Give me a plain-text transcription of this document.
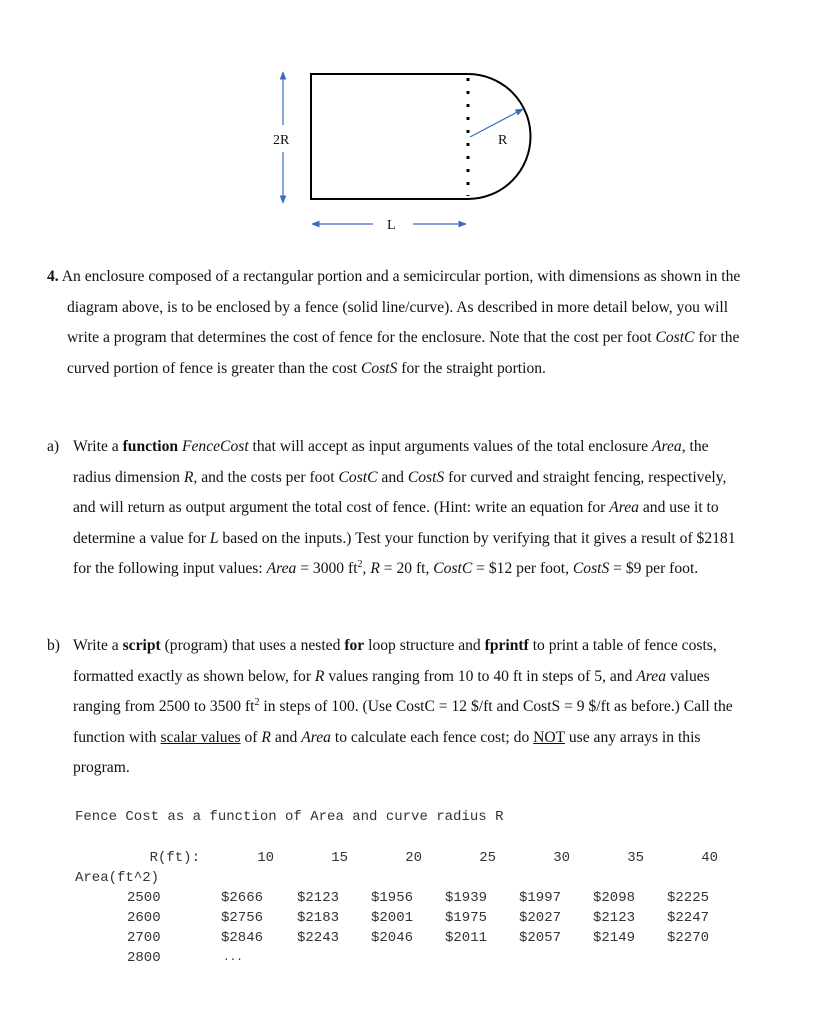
R
2R
L

4. An enclosure composed of a rectangular portion and a semicircular portion, with dimensions as shown in the diagram above, is to be enclosed by a fence (solid line/curve). As described in more detail below, you will write a program that determines the cost of fence for the enclosure. Note that the cost per foot CostC for the curved portion of fence is greater than the cost CostS for the straight portion.

a) Write a function FenceCost that will accept as input arguments values of the total enclosure Area, the radius dimension R, and the costs per foot CostC and CostS for curved and straight fencing, respectively, and will return as output argument the total cost of fence. (Hint: write an equation for Area and use it to determine a value for L based on the inputs.) Test your function by verifying that it gives a result of $2181 for the following input values: Area = 3000 $ft^2$, R = 20 ft, CostC = $12 per foot, CostS = $9 per foot.

b) Write a script (program) that uses a nested for loop structure and fprintf to print a table of fence costs, formatted exactly as shown below, for R values ranging from 10 to 40 ft in steps of 5, and Area values ranging from 2500 to 3500 $ft^2$ in steps of 100. (Use CostC = 12 $/ft and CostS = 9 $/ft as before.) Call the function with scalar values of R and Area to calculate each fence cost; do NOT use any arrays in this program.

Fence Cost as a function of Area and curve radius R
R(ft):	10	15	20	25	30	35	40
Area(ft^2)
2500	$2666 $2123 $1956 $1939 $1997 $2098 $2225
2600	$2756 $2183 $2001 $1975 $2027 $2123 $2247
2700	$2846 $2243 $2046 $2011 $2057 $2149 $2270
2800	...
